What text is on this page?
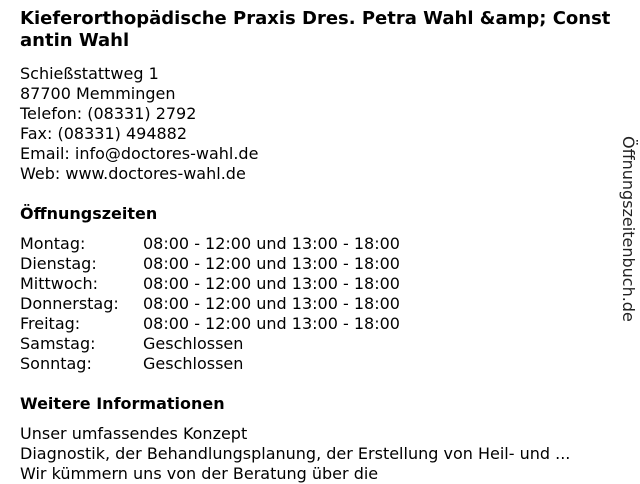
Kieferorthopädische Praxis Dres. Petra Wahl &amp; Constantin Wahl
Schießstattweg 1
87700 Memmingen
Telefon: (08331) 2792
Fax: (08331) 494882
Email: info@doctores-wahl.de
Web: www.doctores-wahl.de
Öffnungszeiten
Montag:	08:00 - 12:00 und 13:00 - 18:00
Dienstag:	08:00 - 12:00 und 13:00 - 18:00
Mittwoch:	08:00 - 12:00 und 13:00 - 18:00
Donnerstag:	08:00 - 12:00 und 13:00 - 18:00
Freitag:	08:00 - 12:00 und 13:00 - 18:00
Samstag:	Geschlossen
Sonntag:	Geschlossen
Weitere Informationen
Unser umfassendes Konzept
Diagnostik, der Behandlungsplanung, der Erstellung von Heil- und ...
Wir kümmern uns von der Beratung über die
Öffnungszeitenbuch.de
